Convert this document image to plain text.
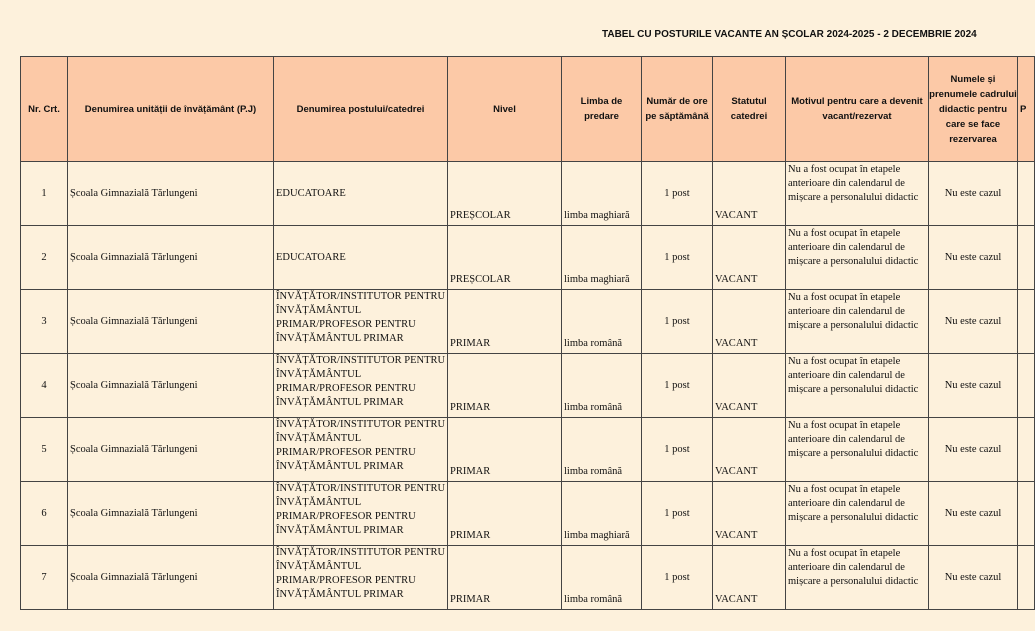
TABEL CU POSTURILE VACANTE AN ȘCOLAR 2024-2025 - 2 DECEMBRIE 2024
Nr. Crt.	Denumirea unității de învățământ (P.J)	Denumirea postului/catedrei	Nivel	Limba de predare	Număr de ore pe săptămână	Statutul catedrei	Motivul pentru care a devenit vacant/rezervat	Numele și prenumele cadrului didactic pentru care se face rezervarea	P
1	Școala Gimnazială Tărlungeni	EDUCATOARE	PREȘCOLAR	limba maghiară	1 post	VACANT	Nu a fost ocupat în etapele anterioare din calendarul de mișcare a personalului didactic	Nu este cazul	
2	Școala Gimnazială Tărlungeni	EDUCATOARE	PREȘCOLAR	limba maghiară	1 post	VACANT	Nu a fost ocupat în etapele anterioare din calendarul de mișcare a personalului didactic	Nu este cazul	
3	Școala Gimnazială Tărlungeni	ÎNVĂȚĂTOR/INSTITUTOR PENTRU ÎNVĂȚĂMÂNTUL PRIMAR/PROFESOR PENTRU ÎNVĂȚĂMÂNTUL PRIMAR	PRIMAR	limba română	1 post	VACANT	Nu a fost ocupat în etapele anterioare din calendarul de mișcare a personalului didactic	Nu este cazul	
4	Școala Gimnazială Tărlungeni	ÎNVĂȚĂTOR/INSTITUTOR PENTRU ÎNVĂȚĂMÂNTUL PRIMAR/PROFESOR PENTRU ÎNVĂȚĂMÂNTUL PRIMAR	PRIMAR	limba română	1 post	VACANT	Nu a fost ocupat în etapele anterioare din calendarul de mișcare a personalului didactic	Nu este cazul	
5	Școala Gimnazială Tărlungeni	ÎNVĂȚĂTOR/INSTITUTOR PENTRU ÎNVĂȚĂMÂNTUL PRIMAR/PROFESOR PENTRU ÎNVĂȚĂMÂNTUL PRIMAR	PRIMAR	limba română	1 post	VACANT	Nu a fost ocupat în etapele anterioare din calendarul de mișcare a personalului didactic	Nu este cazul	
6	Școala Gimnazială Tărlungeni	ÎNVĂȚĂTOR/INSTITUTOR PENTRU ÎNVĂȚĂMÂNTUL PRIMAR/PROFESOR PENTRU ÎNVĂȚĂMÂNTUL PRIMAR	PRIMAR	limba maghiară	1 post	VACANT	Nu a fost ocupat în etapele anterioare din calendarul de mișcare a personalului didactic	Nu este cazul	
7	Școala Gimnazială Tărlungeni	ÎNVĂȚĂTOR/INSTITUTOR PENTRU ÎNVĂȚĂMÂNTUL PRIMAR/PROFESOR PENTRU ÎNVĂȚĂMÂNTUL PRIMAR	PRIMAR	limba română	1 post	VACANT	Nu a fost ocupat în etapele anterioare din calendarul de mișcare a personalului didactic	Nu este cazul	
